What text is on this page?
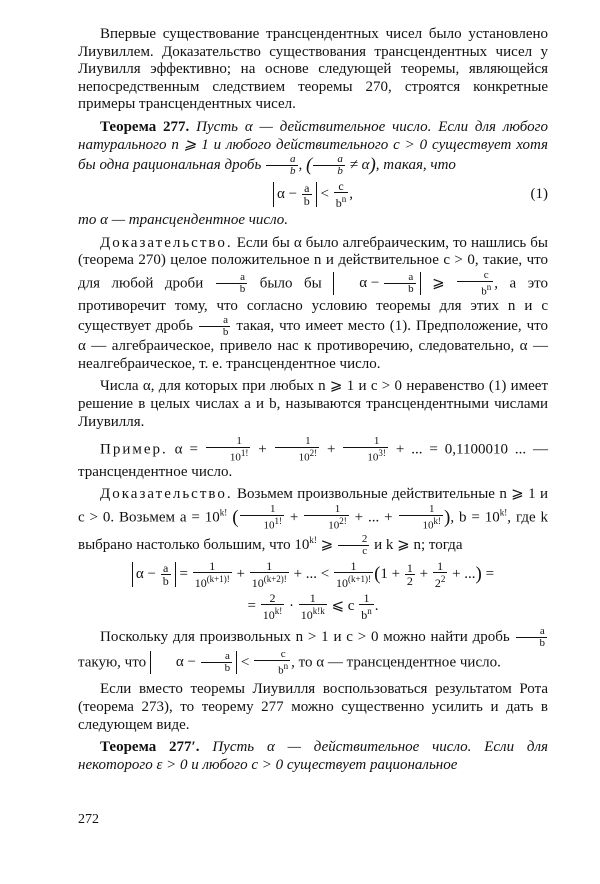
Впервые существование трансцендентных чисел было установлено Лиувиллем. Доказательство существования трансцендентных чисел у Лиувилля эффективно; на основе следующей теоремы, являющейся непосредственным следствием теоремы 270, строятся конкретные примеры трансцендентных чисел.

Теорема 277. Пусть α — действительное число. Если для любого натурального n ⩾ 1 и любого действительного c > 0 существует хотя бы одна рациональная дробь $\frac{a}{b}$ , ( $\frac{a}{b} \ne \alpha$), такая, что

$\alpha - \frac{a}{b} < \frac{c}{b^n}$ ,	(1)

то α — трансцендентное число.

Доказательство. Если бы α было алгебраическим, то нашлись бы (теорема 270) целое положительное n и действительное c > 0, такие, что для любой дроби $\frac{a}{b}$ было бы	$\alpha - \frac{a}{b}$ ⩾ $\frac{c}{b^n}$ , а это противоречит тому, что согласно условию теоремы для этих n и c существует дробь $\frac{a}{b}$ такая, что имеет место (1). Предположение, что α — алгебраическое, привело нас к противоречию, следовательно, α — неалгебраическое, т. е. трансцендентное число.

Числа α, для которых при любых n ⩾ 1 и c > 0 неравенство (1) имеет решение в целых числах a и b, называются трансцендентными числами Лиувилля.

Пример. $\alpha = \frac{1}{10^{1!}} + \frac{1}{10^{2!}} + \frac{1}{10^{3!}}$ + ... = 0,1100010 ... — трансцендентное число.

Доказательство. Возьмем произвольные действительные n ⩾ 1 и c > 0. Возьмем $a = 10^{k!}$ ( $\frac{1}{10^{1!}} + \frac{1}{10^{2!}}$ + ... + $\frac{1}{10^{k!}}$ ), $b = 10^{k!}$, где k выбрано настолько большим, что $10^{k!}$ ⩾ $\frac{2}{c}$ и k ⩾ n; тогда

$\alpha - \frac{a}{b} = \frac{1}{10^{(k+1)!}} + \frac{1}{10^{(k+2)!}}$ + ... < $\frac{1}{10^{(k+1)!}} (1 + \frac{1}{2} + \frac{1}{2^2}$ + ...) =
= $\frac{2}{10^{k!}} \cdot \frac{1}{10^{k!k}}$ ⩽ c $\frac{1}{b^n}$ .

Поскольку для произвольных n > 1 и c > 0 можно найти дробь $\frac{a}{b}$
такую, что $\alpha - \frac{a}{b} < \frac{c}{b^n}$ , то α — трансцендентное число.

Если вместо теоремы Лиувилля воспользоваться результатом Рота (теорема 273), то теорему 277 можно существенно усилить и дать в следующем виде.

Теорема 277′. Пусть α — действительное число. Если для некоторого ε > 0 и любого c > 0 существует рациональное

272
